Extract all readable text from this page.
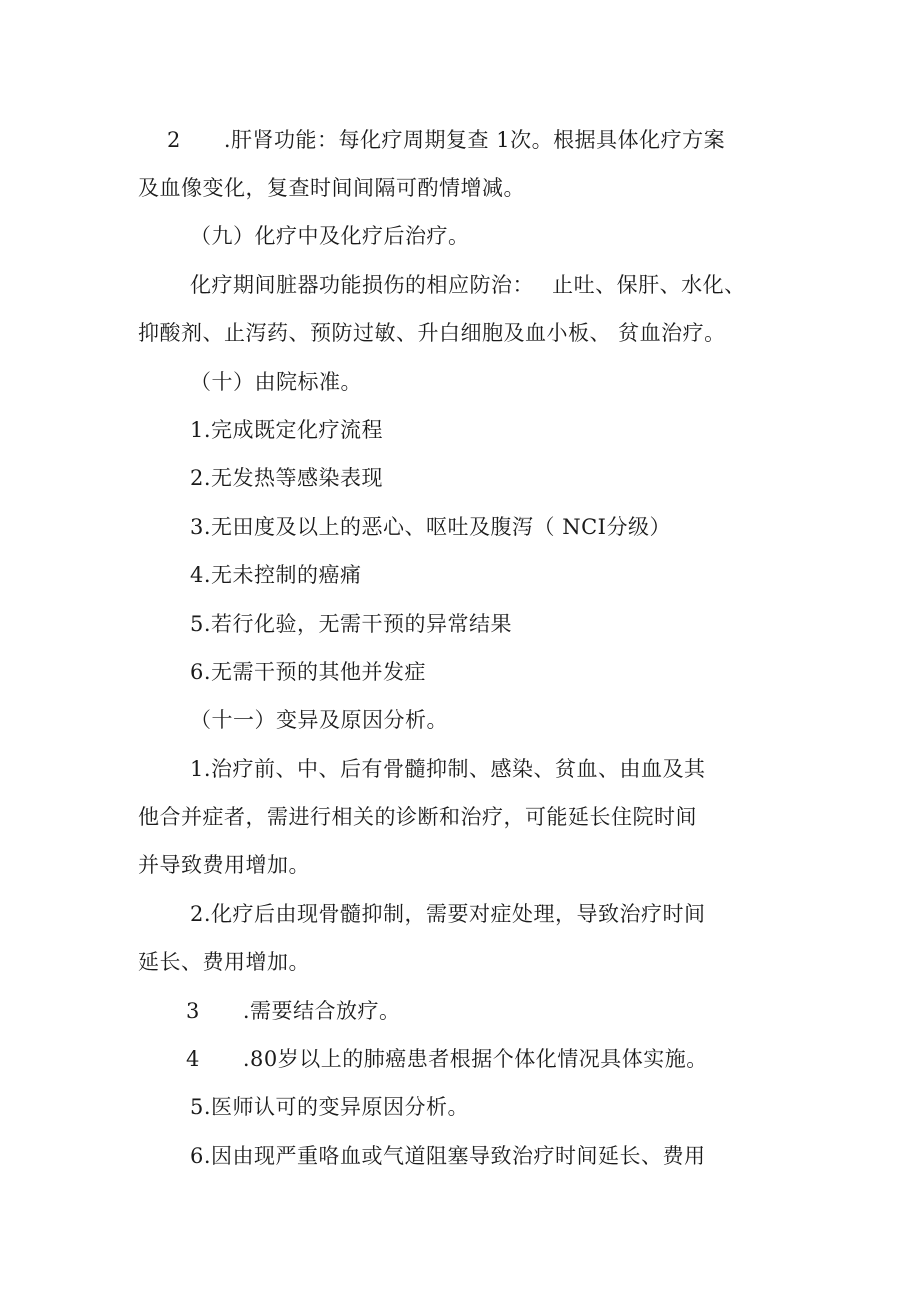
2　　.肝肾功能：每化疗周期复查 1次。根据具体化疗方案
及血像变化，复查时间间隔可酌情增减。
（九）化疗中及化疗后治疗。
化疗期间脏器功能损伤的相应防治：　 止吐、保肝、水化、
抑酸剂、止泻药、预防过敏、升白细胞及血小板、 贫血治疗。
（十）由院标准。
1.完成既定化疗流程
2.无发热等感染表现
3.无田度及以上的恶心、呕吐及腹泻（ NCI分级）
4.无未控制的癌痛
5.若行化验，无需干预的异常结果
6.无需干预的其他并发症
（十一）变异及原因分析。
1.治疗前、中、后有骨髓抑制、感染、贫血、由血及其
他合并症者，需进行相关的诊断和治疗，可能延长住院时间
并导致费用增加。
2.化疗后由现骨髓抑制，需要对症处理，导致治疗时间
延长、费用增加。
3　　.需要结合放疗。
4　　.80岁以上的肺癌患者根据个体化情况具体实施。
5.医师认可的变异原因分析。
6.因由现严重咯血或气道阻塞导致治疗时间延长、费用
